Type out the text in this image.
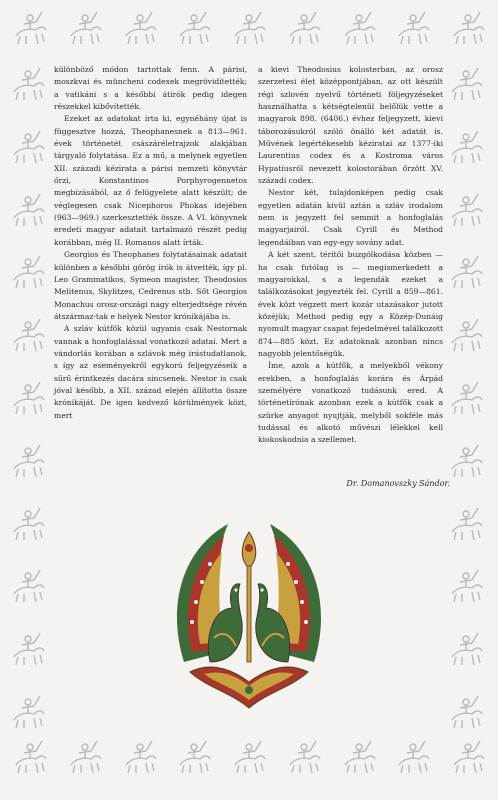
különböző módon tartottak fenn. A párisi, moszkvai és müncheni codexek megrövidítették; a vatikáni s a későbbi átírók pedig idegen részekkel kibővítették.

Ezeket az adatokat írta ki, egynéhány újat is függesztve hozzá, Theophanesnek a 813—961. évek történetét császáréletrajzok alakjában tárgyaló folytatása. Ez a mű, a melynek egyetlen XII. századi kézirata a párisi nemzeti könyvtár őrzi, Konstantinos Porphyrogennetos megbízásából, az ő felügyelete alatt készült; de véglegesen csak Nicephoros Phokas idejében (963—969.) szerkesztették össze. A VI. könyvnek eredeti magyar adatait tartalmazó részét pedig korábban, még II. Romanos alatt írták.

Georgios és Theophanes folytatásainak adatait különben a későbbi görög írók is átvették, így pl. Leo Grammatikos, Symeon magister, Theodosios Melitenus, Skylitzes, Cedrenus stb. Sőt Georgios Monachus orosz-országi nagy elterjedtsége révén átszármaz-tak e helyek Nestor krónikájába is.

A szláv kútfők közül ugyanis csak Nestornak vannak a honfoglalással vonatkozó adatai. Mert a vándorlás korában a szlávok még írástudatlanok, s így az eseményekről egykorú feljegyzéseik a sűrű érintkezés dacára sincsenek. Nestor is csak jóval később, a XII. század elején állította össze krónikáját. De igen kedvező körülmények közt, mert

a kievi Theodosius kolosterban, az orosz szerzetesi élet középpontjában, az ott készült régi szlovén nyelvű történeti följegyzéseket használhatta s kétségtelenül belőlük vette a magyarok 898. (6406.) évhez feljegyzett, kievi táborozásukról szóló önálló két adatát is. Művének legértékesebb kéziratai az 1377-iki Laurentius codex és a Kostroma város Hypatiusról nevezett kolostorában őrzött XV. századi codex.

Nestor két, tulajdonképen pedig csak egyetlen adatán kívül aztán a szláv irodalom nem is jegyzett fel semmit a honfoglalás magyarjairól. Csak Cyrill és Method legendáiban van egy-egy sovány adat.

A két szent, térítői buzgólkodása közben — ha csak futólag is — megismerkedett a magyarokkal, s a legendák ezeket a találkozásokat jegyezték fel. Cyrill a 859—861. évek közt végzett mert kozár utazásakor jutott közéjük; Method pedig egy a Közép-Dunáig nyomult magyar csapat fejedelmével találkozott 874—885 közt. Ez adatoknak azonban nincs nagyobb jelentőségük.

Íme, azok a kútfők, a melyekből vékony erekben, a honfoglalás korára és Árpád személyére vonatkozó tudásunk ered. A történetírónak azonban ezek a kútfők csak a szürke anyagot nyujtják, melyből sokféle más tudással és alkotó művészi lélekkel kell kiokoskodnia a szellemet.

Dr. Domanovszky Sándor.
